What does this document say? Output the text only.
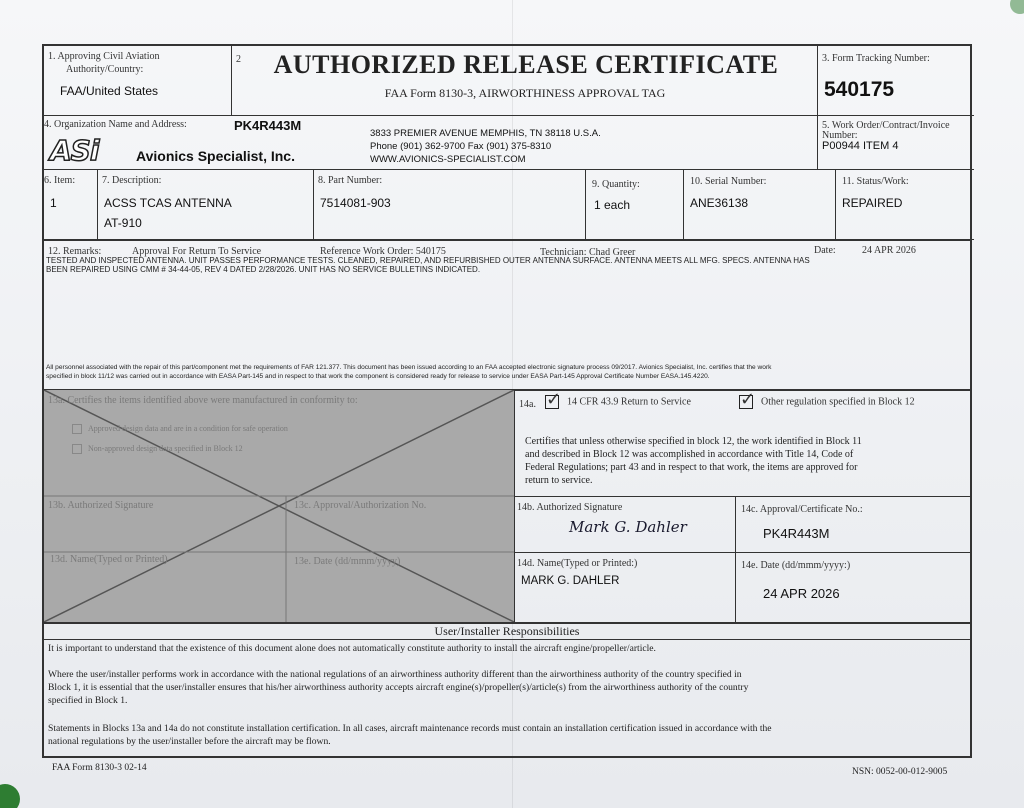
1. Approving Civil Aviation
Authority/Country:
FAA/United States
2	AUTHORIZED RELEASE CERTIFICATE
FAA Form 8130-3, AIRWORTHINESS APPROVAL TAG
3. Form Tracking Number:
540175
4. Organization Name and Address:	PK4R443M
ASi	Avionics Specialist, Inc.
3833 PREMIER AVENUE MEMPHIS, TN 38118 U.S.A.
Phone (901) 362-9700 Fax (901) 375-8310
WWW.AVIONICS-SPECIALIST.COM
5. Work Order/Contract/Invoice
Number:
P00944 ITEM 4
6. Item:
1
7. Description:
ACSS TCAS ANTENNA
AT-910
8. Part Number:
7514081-903
9. Quantity:
1 each
10. Serial Number:
ANE36138
11. Status/Work:
REPAIRED
12. Remarks:	Approval For Return To Service	Reference Work Order: 540175	Technician: Chad Greer	Date:	24 APR 2026
TESTED AND INSPECTED ANTENNA. UNIT PASSES PERFORMANCE TESTS. CLEANED, REPAIRED, AND REFURBISHED OUTER ANTENNA SURFACE. ANTENNA MEETS ALL MFG. SPECS. ANTENNA HAS
BEEN REPAIRED USING CMM # 34-44-05, REV 4 DATED 2/28/2026. UNIT HAS NO SERVICE BULLETINS INDICATED.
All personnel associated with the repair of this part/component met the requirements of FAR 121.377. This document has been issued according to an FAA accepted electronic signature process 09/2017. Avionics Specialist, Inc. certifies that the work
specified in block 11/12 was carried out in accordance with EASA Part-145 and in respect to that work the component is considered ready for release to service under EASA Part-145 Approval Certificate Number EASA.145.4220.
13a. Certifies the items identified above were manufactured in conformity to:
Approved design data and are in a condition for safe operation
Non-approved design data specified in Block 12
13b. Authorized Signature	13c. Approval/Authorization No.
13d. Name(Typed or Printed)	13e. Date (dd/mmm/yyyy)
14a. ✓ 14 CFR 43.9 Return to Service	✓ Other regulation specified in Block 12
Certifies that unless otherwise specified in block 12, the work identified in Block 11
and described in Block 12 was accomplished in accordance with Title 14, Code of
Federal Regulations; part 43 and in respect to that work, the items are approved for
return to service.
14b. Authorized Signature
Mark G. Dahler
14c. Approval/Certificate No.:
PK4R443M
14d. Name(Typed or Printed:)
MARK G. DAHLER
14e. Date (dd/mmm/yyyy:)
24 APR 2026
User/Installer Responsibilities
It is important to understand that the existence of this document alone does not automatically constitute authority to install the aircraft engine/propeller/article.
Where the user/installer performs work in accordance with the national regulations of an airworthiness authority different than the airworthiness authority of the country specified in
Block 1, it is essential that the user/installer ensures that his/her airworthiness authority accepts aircraft engine(s)/propeller(s)/article(s) from the airworthiness authority of the country
specified in Block 1.
Statements in Blocks 13a and 14a do not constitute installation certification. In all cases, aircraft maintenance records must contain an installation certification issued in accordance with the
national regulations by the user/installer before the aircraft may be flown.
FAA Form 8130-3 02-14	NSN: 0052-00-012-9005
